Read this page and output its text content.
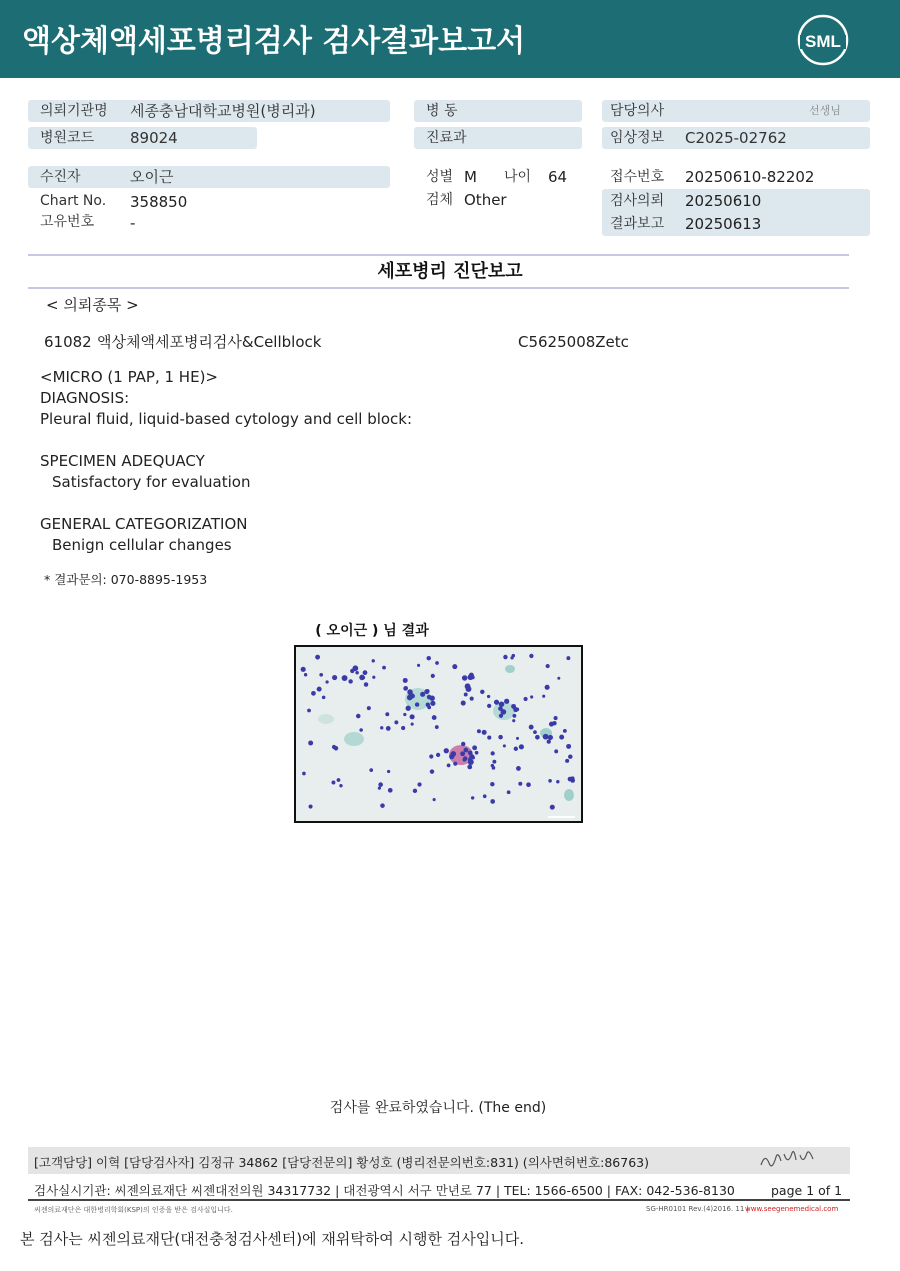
액상체액세포병리검사 검사결과보고서	SML
의뢰기관명 세종충남대학교병원(병리과)
병원코드 89024
수진자	오이근
Chart No. 358850
고유번호 -
병 동
진료과
성별 M 나이 64
검체 Other
담당의사	선생님
임상정보 C2025-02762
접수번호 20250610-82202
검사의뢰 20250610
결과보고 20250613
세포병리 진단보고
< 의뢰종목 >
61082 액상체액세포병리검사&Cellblock	C5625008Zetc
<MICRO (1 PAP, 1 HE)>
DIAGNOSIS:
Pleural fluid, liquid-based cytology and cell block:
SPECIMEN ADEQUACY
Satisfactory for evaluation
GENERAL CATEGORIZATION
Benign cellular changes
* 결과문의: 070-8895-1953
( 오이근 ) 님 결과
검사를 완료하였습니다. (The end)
[고객담당] 이혁 [담당검사자] 김정규 34862 [담당전문의] 황성호 (병리전문의번호:831) (의사면허번호:86763)
검사실시기관: 씨젠의료재단 씨젠대전의원 34317732 | 대전광역시 서구 만년로 77 | TEL: 1566-6500 | FAX: 042-536-8130	page 1 of 1
씨젠의료재단은 대한병리학회(KSP)의 인증을 받은 검사실입니다.	SG-HR0101 Rev.(4)2016. 11 |
www.seegenemedical.com
본 검사는 씨젠의료재단(대전충청검사센터)에 재위탁하여 시행한 검사입니다.
